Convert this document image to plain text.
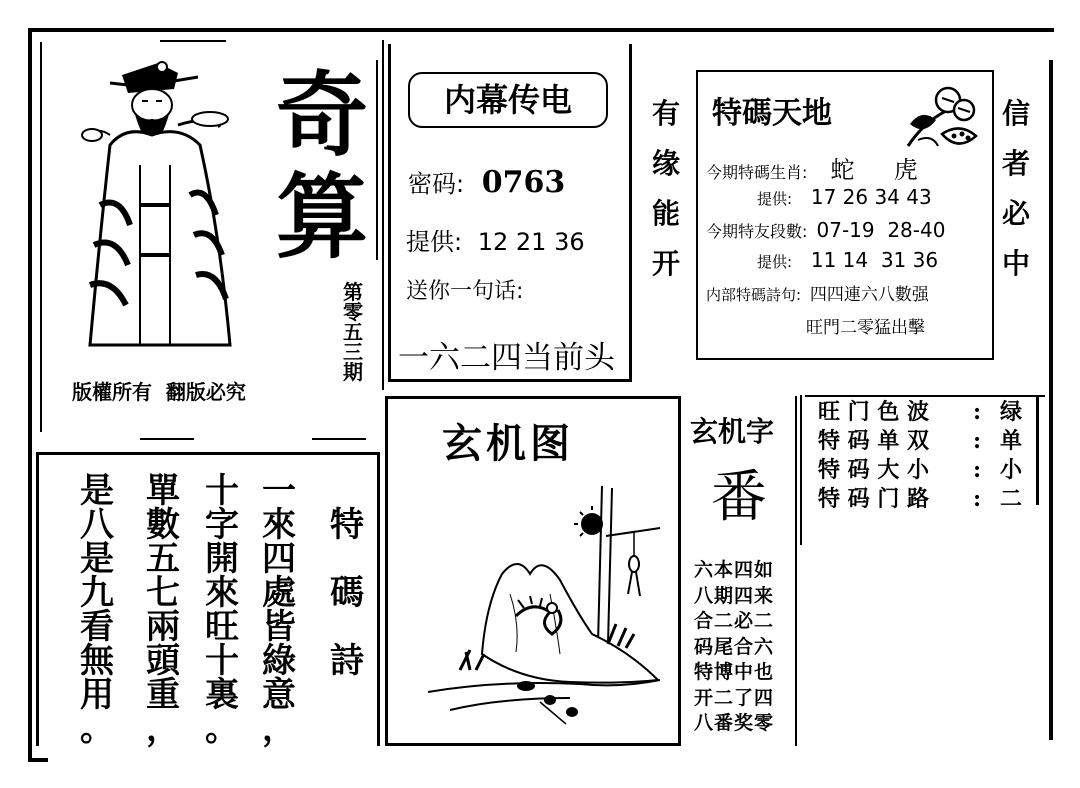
奇
算
第
零
五
三
期
版權所有  翻版必究
内幕传电
密码: 0763
提供: 12 21 36
送你一句话:
一六二四当前头
有
缘
能
开
信
者
必
中
特碼天地
今期特碼生肖: 蛇  虎
提供: 17 26 34 43
今期特友段數: 07-19  28-40
提供: 11 14  31 36
内部特碼詩句: 四四連六八數强
旺門二零猛出擊
玄机图	玄机字
番
六本四如
八期四来
合二必二
码尾合六
特博中也
开二了四
八番奖零
旺 门 色 波 : 绿
特 码 单 双 : 单
特 码 大 小 : 小
特 码 门 路 : 二
特
碼
詩
一
來
四
處
皆
綠
意
，
十
字
開
來
旺
十
裏
。
單
數
五
七
兩
頭
重
，
是
八
是
九
看
無
用
。
